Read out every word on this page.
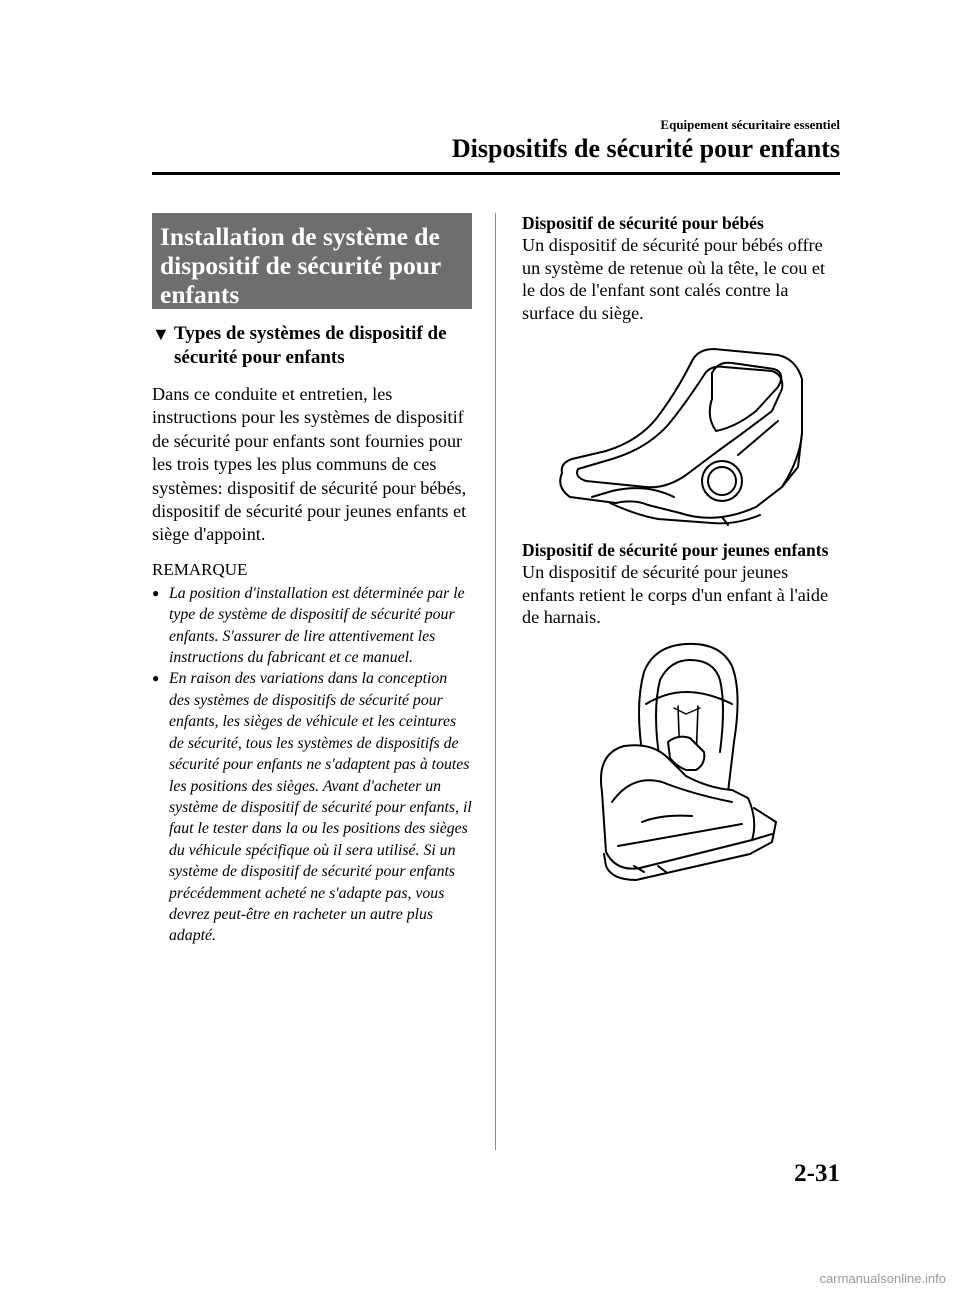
Equipement sécuritaire essentiel
Dispositifs de sécurité pour enfants
Installation de système de dispositif de sécurité pour enfants
▼ Types de systèmes de dispositif de sécurité pour enfants
Dans ce conduite et entretien, les instructions pour les systèmes de dispositif de sécurité pour enfants sont fournies pour les trois types les plus communs de ces systèmes: dispositif de sécurité pour bébés, dispositif de sécurité pour jeunes enfants et siège d'appoint.
REMARQUE
● La position d'installation est déterminée par le type de système de dispositif de sécurité pour enfants. S'assurer de lire attentivement les instructions du fabricant et ce manuel.
● En raison des variations dans la conception des systèmes de dispositifs de sécurité pour enfants, les sièges de véhicule et les ceintures de sécurité, tous les systèmes de dispositifs de sécurité pour enfants ne s'adaptent pas à toutes les positions des sièges. Avant d'acheter un système de dispositif de sécurité pour enfants, il faut le tester dans la ou les positions des sièges du véhicule spécifique où il sera utilisé. Si un système de dispositif de sécurité pour enfants précédemment acheté ne s'adapte pas, vous devrez peut-être en racheter un autre plus adapté.
Dispositif de sécurité pour bébés
Un dispositif de sécurité pour bébés offre un système de retenue où la tête, le cou et le dos de l'enfant sont calés contre la surface du siège.
Dispositif de sécurité pour jeunes enfants
Un dispositif de sécurité pour jeunes enfants retient le corps d'un enfant à l'aide de harnais.
2-31
carmanualsonline.info
